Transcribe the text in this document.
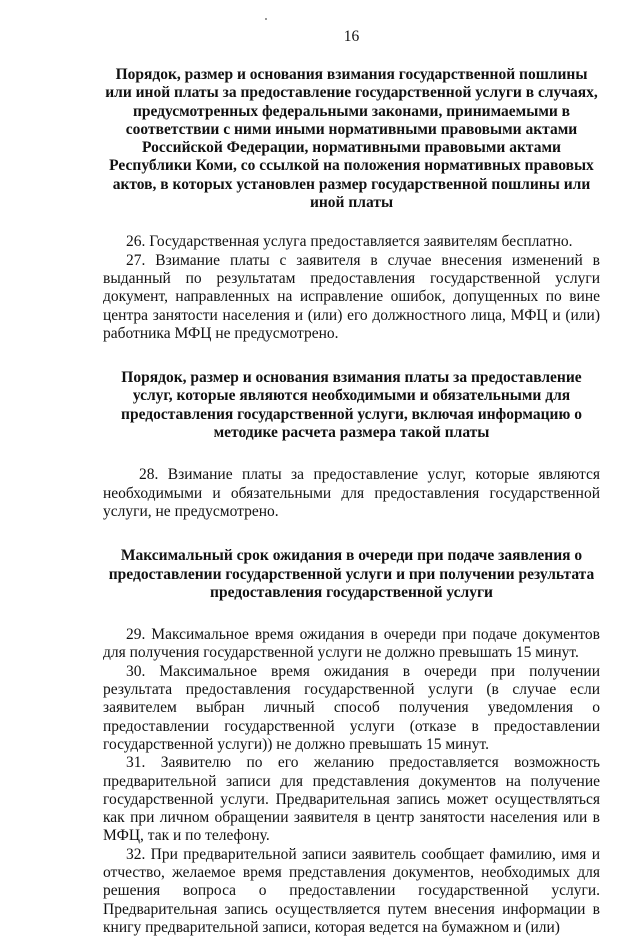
16

Порядок, размер и основания взимания государственной пошлины или иной платы за предоставление государственной услуги в случаях, предусмотренных федеральными законами, принимаемыми в соответствии с ними иными нормативными правовыми актами Российской Федерации, нормативными правовыми актами Республики Коми, со ссылкой на положения нормативных правовых актов, в которых установлен размер государственной пошлины или иной платы

26. Государственная услуга предоставляется заявителям бесплатно.

27. Взимание платы с заявителя в случае внесения изменений в выданный по результатам предоставления государственной услуги документ, направленных на исправление ошибок, допущенных по вине центра занятости населения и (или) его должностного лица, МФЦ и (или) работника МФЦ не предусмотрено.

Порядок, размер и основания взимания платы за предоставление услуг, которые являются необходимыми и обязательными для предоставления государственной услуги, включая информацию о методике расчета размера такой платы

28. Взимание платы за предоставление услуг, которые являются необходимыми и обязательными для предоставления государственной услуги, не предусмотрено.

Максимальный срок ожидания в очереди при подаче заявления о предоставлении государственной услуги и при получении результата предоставления государственной услуги

29. Максимальное время ожидания в очереди при подаче документов для получения государственной услуги не должно превышать 15 минут.

30. Максимальное время ожидания в очереди при получении результата предоставления государственной услуги (в случае если заявителем выбран личный способ получения уведомления о предоставлении государственной услуги (отказе в предоставлении государственной услуги)) не должно превышать 15 минут.

31. Заявителю по его желанию предоставляется возможность предварительной записи для представления документов на получение государственной услуги. Предварительная запись может осуществляться как при личном обращении заявителя в центр занятости населения или в МФЦ, так и по телефону.

32. При предварительной записи заявитель сообщает фамилию, имя и отчество, желаемое время представления документов, необходимых для решения вопроса о предоставлении государственной услуги. Предварительная запись осуществляется путем внесения информации в книгу предварительной записи, которая ведется на бумажном и (или)
